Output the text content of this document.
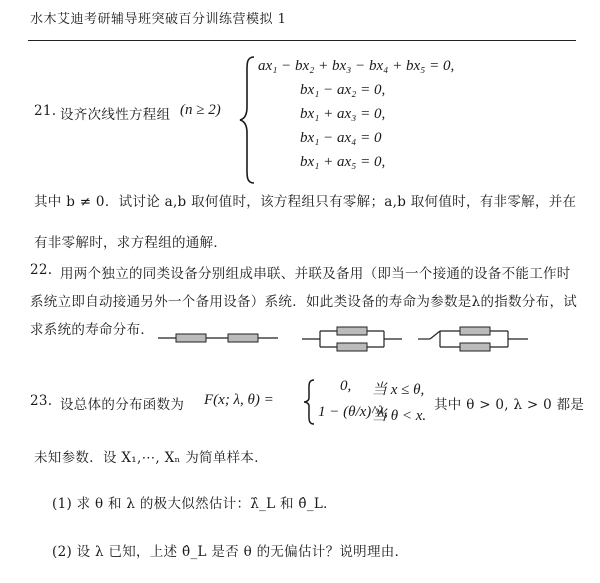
水木艾迪考研辅导班突破百分训练营模拟 1
21. 设齐次线性方程组 (n ≥ 2)
ax₁ − bx₂ + bx₃ − bx₄ + bx₅ = 0,
bx₁ − ax₂ = 0,
bx₁ + ax₃ = 0,
bx₁ − ax₄ = 0
bx₁ + ax₅ = 0,
其中 b ≠ 0．试讨论 a,b 取何值时，该方程组只有零解；a,b 取何值时，有非零解，并在
有非零解时，求方程组的通解．
22. 用两个独立的同类设备分别组成串联、并联及备用（即当一个接通的设备不能工作时
系统立即自动接通另外一个备用设备）系统．如此类设备的寿命为参数是λ的指数分布，试
求系统的寿命分布．
23. 设总体的分布函数为 F(x; λ, θ) =
0, 当 x ≤ θ,
1 − (θ/x)^λ,
当 θ < x.
其中 θ > 0, λ > 0 都是
未知参数．设 X₁,⋯, Xₙ 为简单样本．
(1) 求 θ 和 λ 的极大似然估计：λ̂_L 和 θ̂_L．
(2) 设 λ 已知，上述 θ̂_L 是否 θ 的无偏估计？说明理由．
